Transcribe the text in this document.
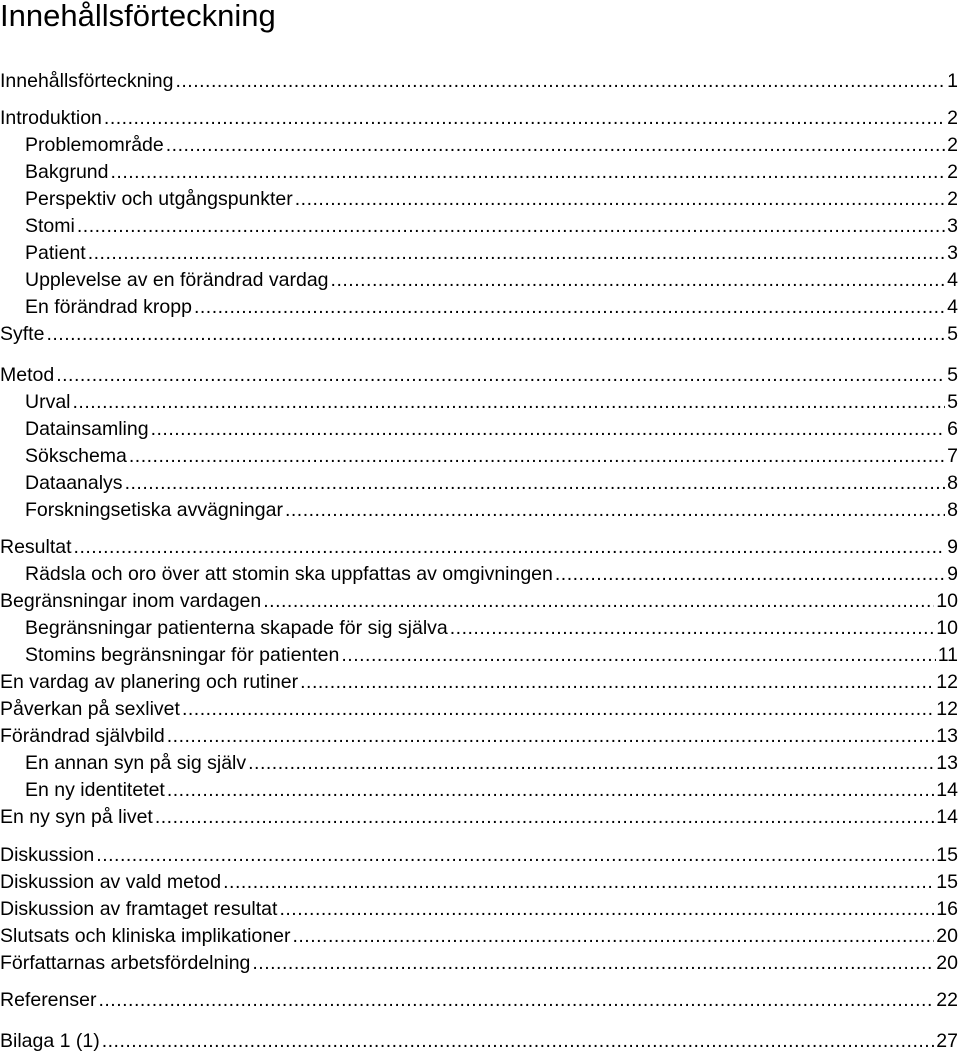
Innehållsförteckning
Innehållsförteckning .....	1
Introduktion .....	2
Problemområde .....	2
Bakgrund .....	2
Perspektiv och utgångspunkter .....	2
Stomi .....	3
Patient .....	3
Upplevelse av en förändrad vardag .....	4
En förändrad kropp .....	4
Syfte .....	5
Metod .....	5
Urval .....	5
Datainsamling .....	6
Sökschema .....	7
Dataanalys .....	8
Forskningsetiska avvägningar .....	8
Resultat .....	9
Rädsla och oro över att stomin ska uppfattas av omgivningen .....	9
Begränsningar inom vardagen .....	10
Begränsningar patienterna skapade för sig själva .....	10
Stomins begränsningar för patienten .....	11
En vardag av planering och rutiner .....	12
Påverkan på sexlivet .....	12
Förändrad självbild .....	13
En annan syn på sig själv .....	13
En ny identitetet .....	14
En ny syn på livet .....	14
Diskussion .....	15
Diskussion av vald metod .....	15
Diskussion av framtaget resultat .....	16
Slutsats och kliniska implikationer .....	20
Författarnas arbetsfördelning .....	20
Referenser .....	22
Bilaga 1 (1) .....	27
